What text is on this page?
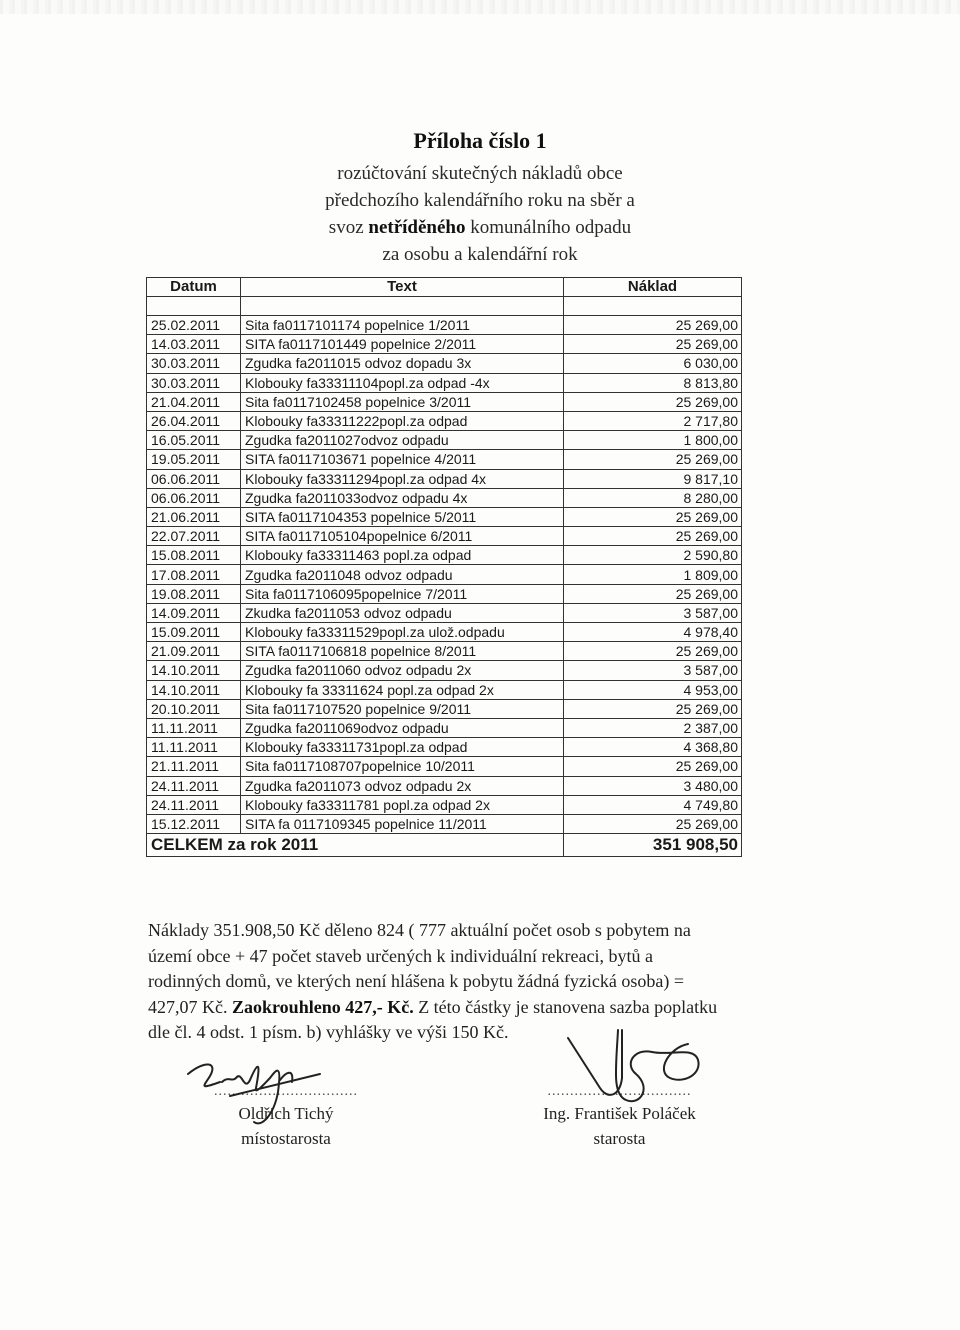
Příloha číslo 1
rozúčtování skutečných nákladů obce
předchozího kalendářního roku na sběr a
svoz netříděného komunálního odpadu
za osobu a kalendářní rok
Datum	Text	Náklad

25.02.2011	Sita fa0117101174 popelnice 1/2011	25 269,00
14.03.2011	SITA fa0117101449 popelnice 2/2011	25 269,00
30.03.2011	Zgudka fa2011015 odvoz dopadu 3x	6 030,00
30.03.2011	Klobouky fa33311104popl.za odpad -4x	8 813,80
21.04.2011	Sita fa0117102458 popelnice 3/2011	25 269,00
26.04.2011	Klobouky fa33311222popl.za odpad	2 717,80
16.05.2011	Zgudka fa2011027odvoz odpadu	1 800,00
19.05.2011	SITA fa0117103671 popelnice 4/2011	25 269,00
06.06.2011	Klobouky fa33311294popl.za odpad 4x	9 817,10
06.06.2011	Zgudka fa2011033odvoz odpadu 4x	8 280,00
21.06.2011	SITA fa0117104353 popelnice 5/2011	25 269,00
22.07.2011	SITA fa0117105104popelnice 6/2011	25 269,00
15.08.2011	Klobouky fa33311463 popl.za odpad	2 590,80
17.08.2011	Zgudka fa2011048 odvoz odpadu	1 809,00
19.08.2011	Sita fa0117106095popelnice 7/2011	25 269,00
14.09.2011	Zkudka fa2011053 odvoz odpadu	3 587,00
15.09.2011	Klobouky fa33311529popl.za ulož.odpadu	4 978,40
21.09.2011	SITA fa0117106818 popelnice 8/2011	25 269,00
14.10.2011	Zgudka fa2011060 odvoz odpadu 2x	3 587,00
14.10.2011	Klobouky fa 33311624 popl.za odpad 2x	4 953,00
20.10.2011	Sita fa0117107520 popelnice 9/2011	25 269,00
11.11.2011	Zgudka fa2011069odvoz odpadu	2 387,00
11.11.2011	Klobouky fa33311731popl.za odpad	4 368,80
21.11.2011	Sita fa0117108707popelnice 10/2011	25 269,00
24.11.2011	Zgudka fa2011073 odvoz odpadu 2x	3 480,00
24.11.2011	Klobouky fa33311781 popl.za odpad 2x	4 749,80
15.12.2011	SITA fa 0117109345 popelnice 11/2011	25 269,00
CELKEM za rok 2011		351 908,50
Náklady 351.908,50 Kč děleno 824 ( 777 aktuální počet osob s pobytem na území obce + 47 počet staveb určených k individuální rekreaci, bytů a rodinných domů, ve kterých není hlášena k pobytu žádná fyzická osoba) = 427,07 Kč. Zaokrouhleno 427,- Kč. Z této částky je stanovena sazba poplatku dle čl. 4 odst. 1 písm. b) vyhlášky ve výši 150 Kč.
................................
Oldřich Tichý
místostarosta
................................
Ing. František Poláček
starosta
